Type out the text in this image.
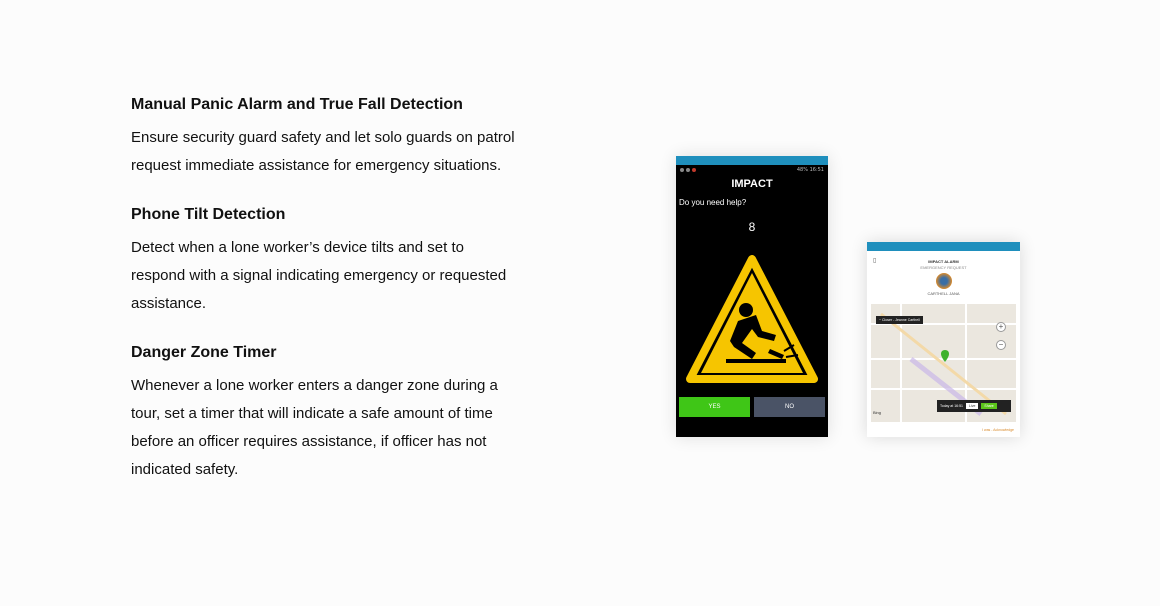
Manual Panic Alarm and True Fall Detection

Ensure security guard safety and let solo guards on patrol request immediate assistance for emergency situations.

Phone Tilt Detection

Detect when a lone worker’s device tilts and set to respond with a signal indicating emergency or requested assistance.

Danger Zone Timer

Whenever a lone worker enters a danger zone during a tour, set a timer that will indicate a safe amount of time before an officer requires assistance, if officer has not indicated safety.

48% 16:51
IMPACT
Do you need help?
8
YES	NO
▯	IMPACT ALARM
EMERGENCY REQUEST
CARTHELL JANA
~ Closer - Jeanne Carthell
+
−
Today at 16:51	Live	Share
Bing
I was - Acknowledge
